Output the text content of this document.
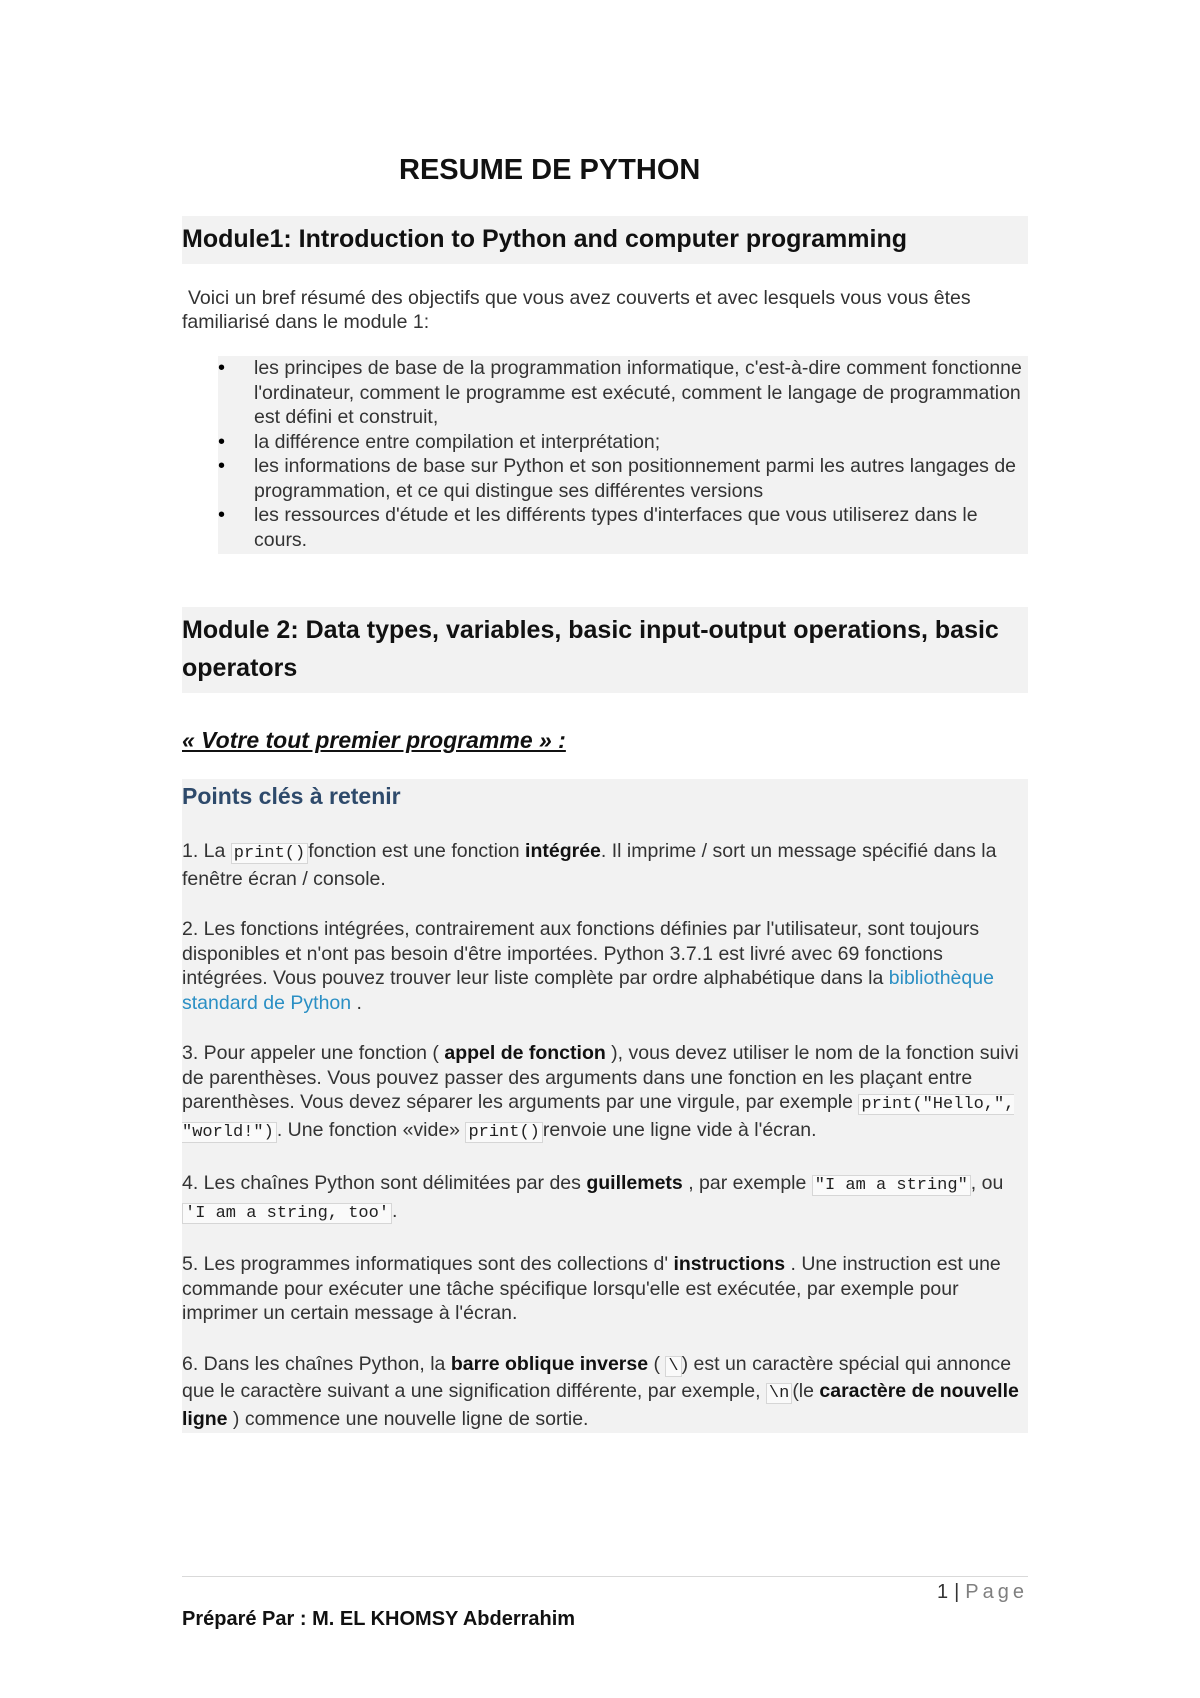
RESUME DE PYTHON
Module1: Introduction to Python and computer programming

Voici un bref résumé des objectifs que vous avez couverts et avec lesquels vous vous êtes familiarisé dans le module 1:

• les principes de base de la programmation informatique, c'est-à-dire comment fonctionne l'ordinateur, comment le programme est exécuté, comment le langage de programmation est défini et construit,
• la différence entre compilation et interprétation;
• les informations de base sur Python et son positionnement parmi les autres langages de programmation, et ce qui distingue ses différentes versions
• les ressources d'étude et les différents types d'interfaces que vous utiliserez dans le cours.
Module 2: Data types, variables, basic input-output operations, basic operators

« Votre tout premier programme » :

Points clés à retenir

1. La print() fonction est une fonction intégrée. Il imprime / sort un message spécifié dans la fenêtre écran / console.

2. Les fonctions intégrées, contrairement aux fonctions définies par l'utilisateur, sont toujours disponibles et n'ont pas besoin d'être importées. Python 3.7.1 est livré avec 69 fonctions intégrées. Vous pouvez trouver leur liste complète par ordre alphabétique dans la bibliothèque standard de Python .

3. Pour appeler une fonction ( appel de fonction ), vous devez utiliser le nom de la fonction suivi de parenthèses. Vous pouvez passer des arguments dans une fonction en les plaçant entre parenthèses. Vous devez séparer les arguments par une virgule, par exemple print("Hello,", "world!") . Une fonction «vide» print() renvoie une ligne vide à l'écran.

4. Les chaînes Python sont délimitées par des guillemets , par exemple "I am a string" , ou 'I am a string, too' .

5. Les programmes informatiques sont des collections d' instructions . Une instruction est une commande pour exécuter une tâche spécifique lorsqu'elle est exécutée, par exemple pour imprimer un certain message à l'écran.

6. Dans les chaînes Python, la barre oblique inverse ( \ ) est un caractère spécial qui annonce que le caractère suivant a une signification différente, par exemple, \n (le caractère de nouvelle ligne ) commence une nouvelle ligne de sortie.

1 | Page
Préparé Par : M. EL KHOMSY Abderrahim
